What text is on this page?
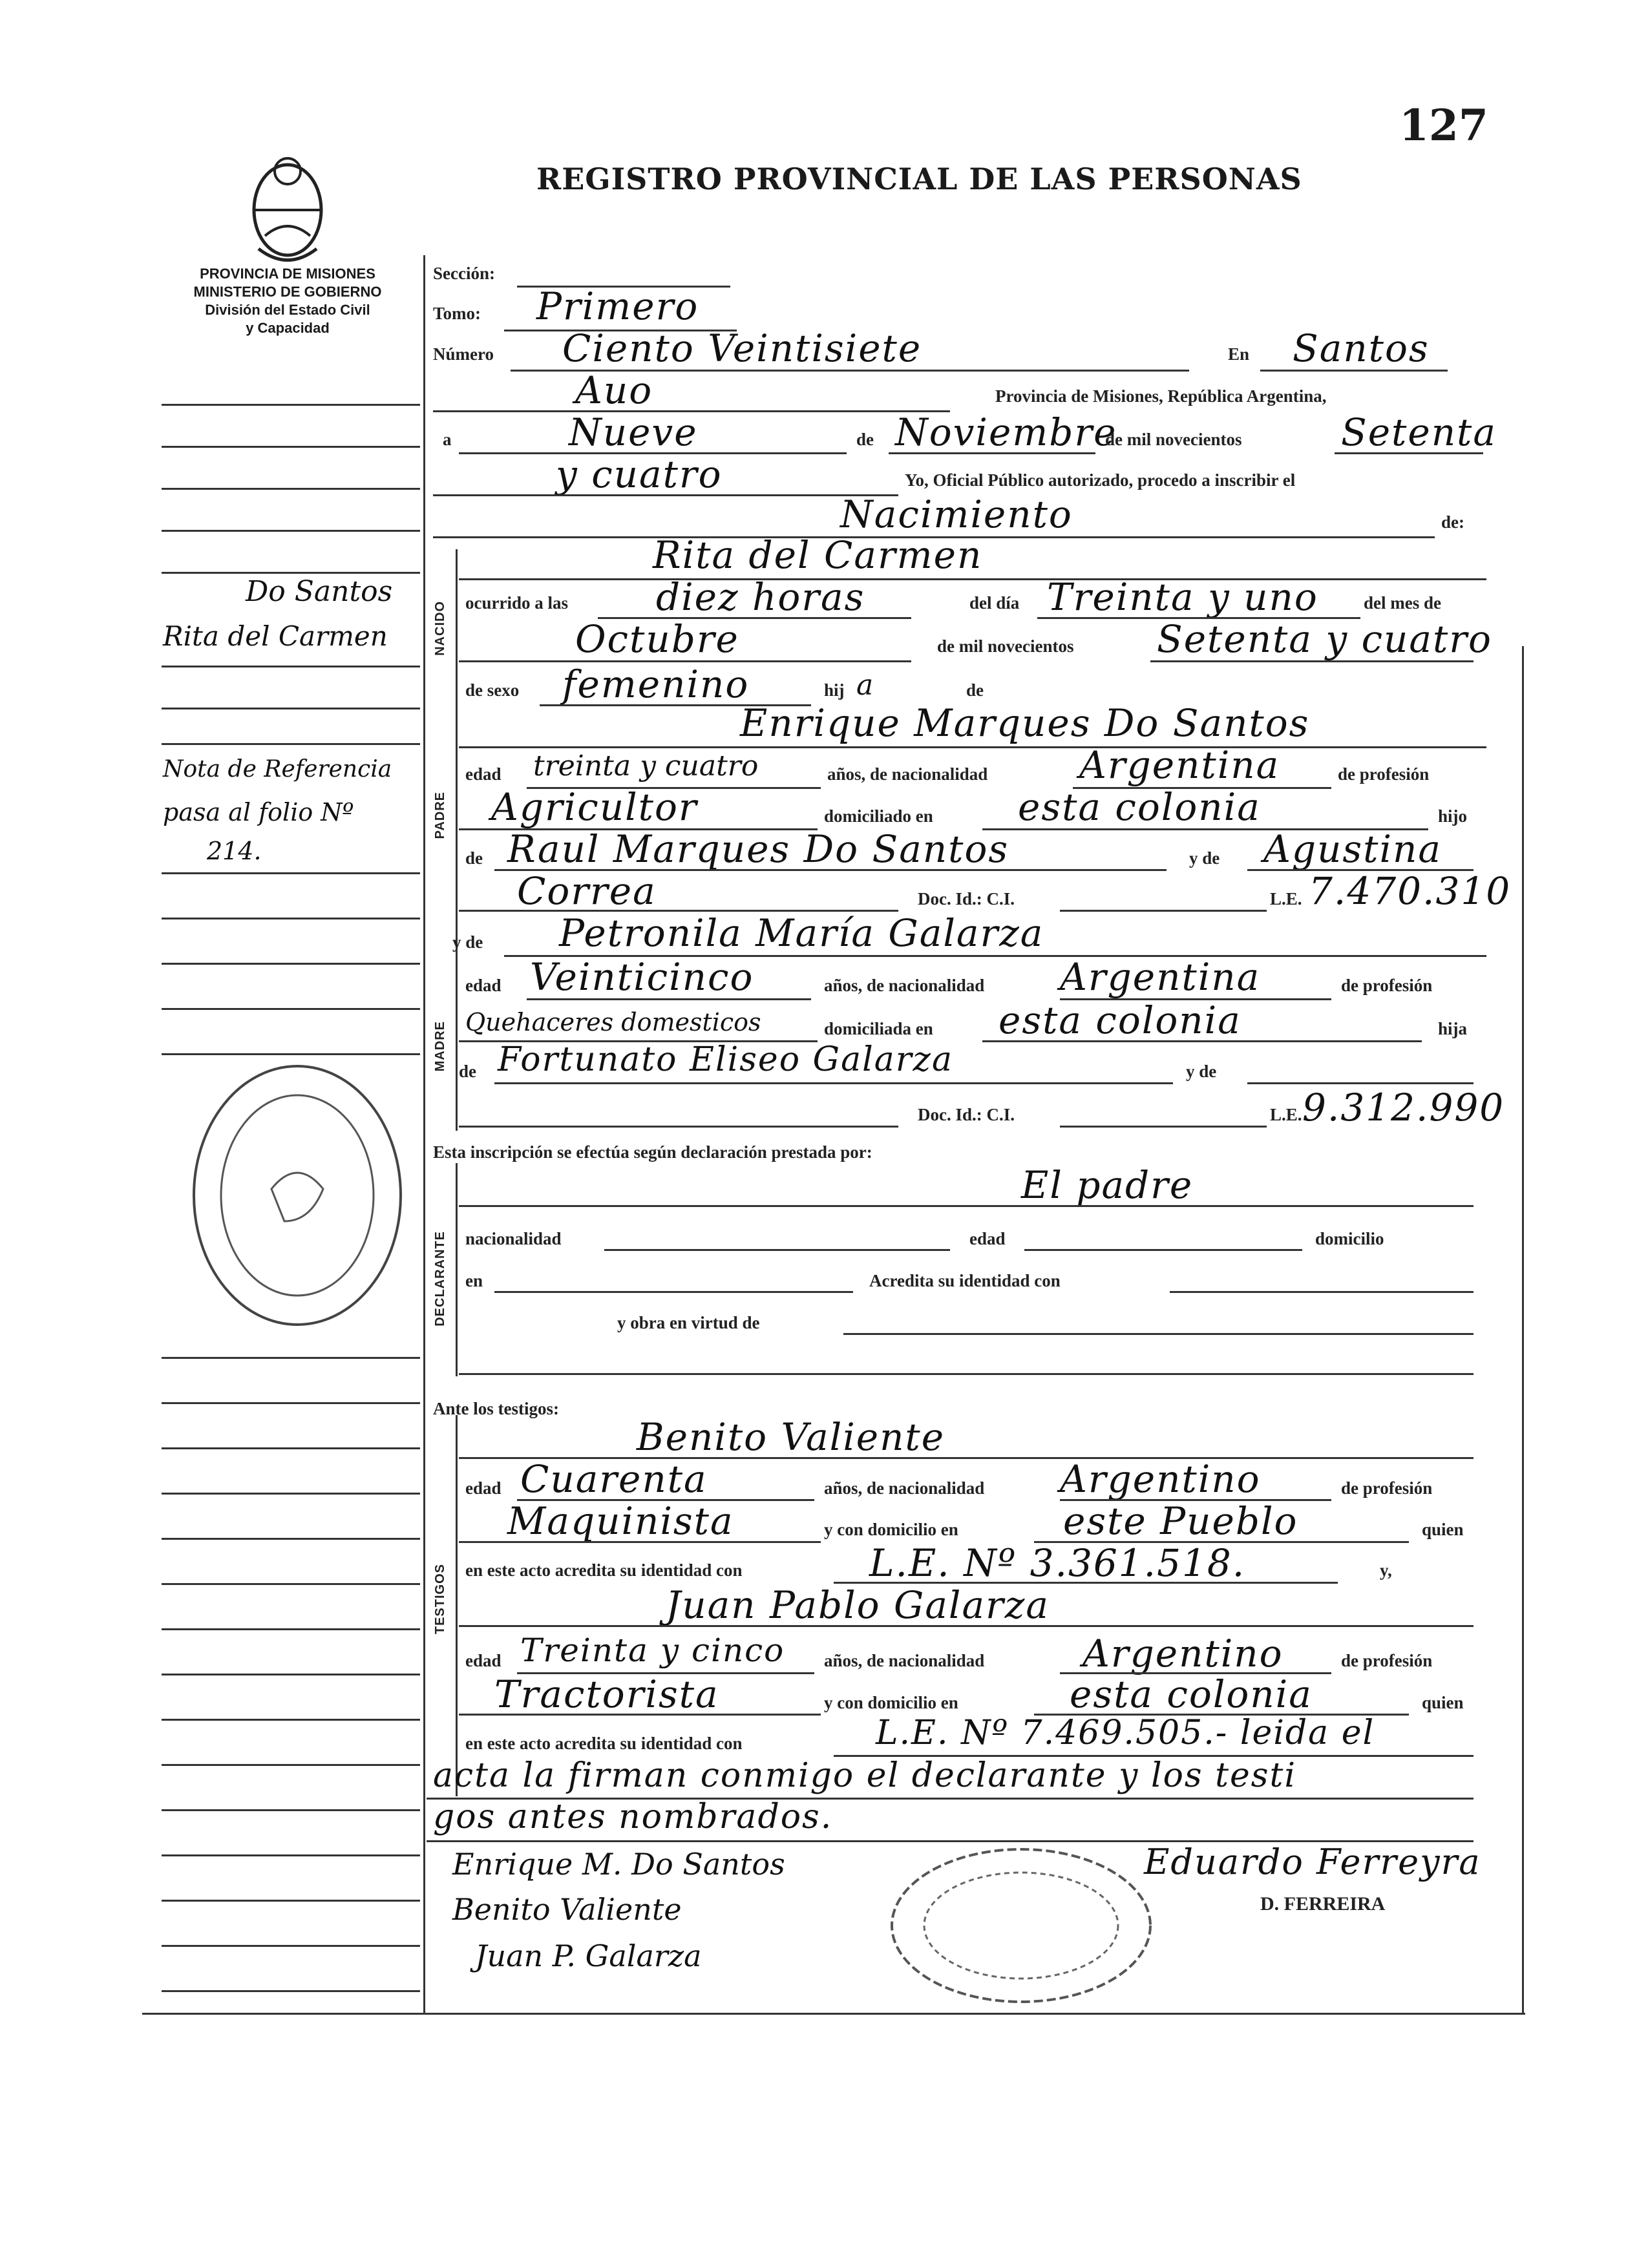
127
REGISTRO PROVINCIAL DE LAS PERSONAS
PROVINCIA DE MISIONES
MINISTERIO DE GOBIERNO
División del Estado Civil
y Capacidad
Do Santos
Rita del Carmen
Nota de Referencia
pasa al folio Nº
214.
Sección:
Tomo: Primero
Número Ciento Veintisiete	En Santos
Auo	Provincia de Misiones, República Argentina,
a	Nueve	de Noviembre
de mil novecientos	Setenta
y cuatro	Yo, Oficial Público autorizado, procedo a inscribir el
Nacimiento	de:
NACIDO
Rita del Carmen
ocurrido a las diez horas	del día Treinta y uno	del mes de
Octubre	de mil novecientos Setenta y cuatro
de sexo femenino	hij a	de
PADRE
Enrique Marques Do Santos
edad treinta y cuatro	años, de nacionalidad Argentina	de profesión
Agricultor	domiciliado en esta colonia	hijo
de Raul Marques Do Santos	y de Agustina
Correa	Doc. Id.: C.I.	L.E. 7.470.310
y de Petronila María Galarza
MADRE
edad Veinticinco	años, de nacionalidad Argentina	de profesión
Quehaceres domesticos	domiciliada en esta colonia	hija
de Fortunato Eliseo Galarza	y de
Doc. Id.: C.I.	L.E. 9.312.990
Esta inscripción se efectúa según declaración prestada por:
DECLARANTE
El padre
nacionalidad	edad	domicilio
en	Acredita su identidad con
y obra en virtud de
Ante los testigos:
TESTIGOS
Benito Valiente
edad Cuarenta	años, de nacionalidad Argentino	de profesión
Maquinista	y con domicilio en	este Pueblo	quien
en este acto acredita su identidad con	L.E. Nº 3.361.518.	y,
Juan Pablo Galarza
edad Treinta y cinco años, de nacionalidad	Argentino	de profesión
Tractorista	y con domicilio en	esta colonia	quien
en este acto acredita su identidad con	L.E. Nº 7.469.505.- leida el
acta la firman conmigo el declarante y los testi
gos antes nombrados.
Enrique M. Do Santos
Benito Valiente
Juan P. Galarza
Eduardo Ferreyra
D. FERREIRA
